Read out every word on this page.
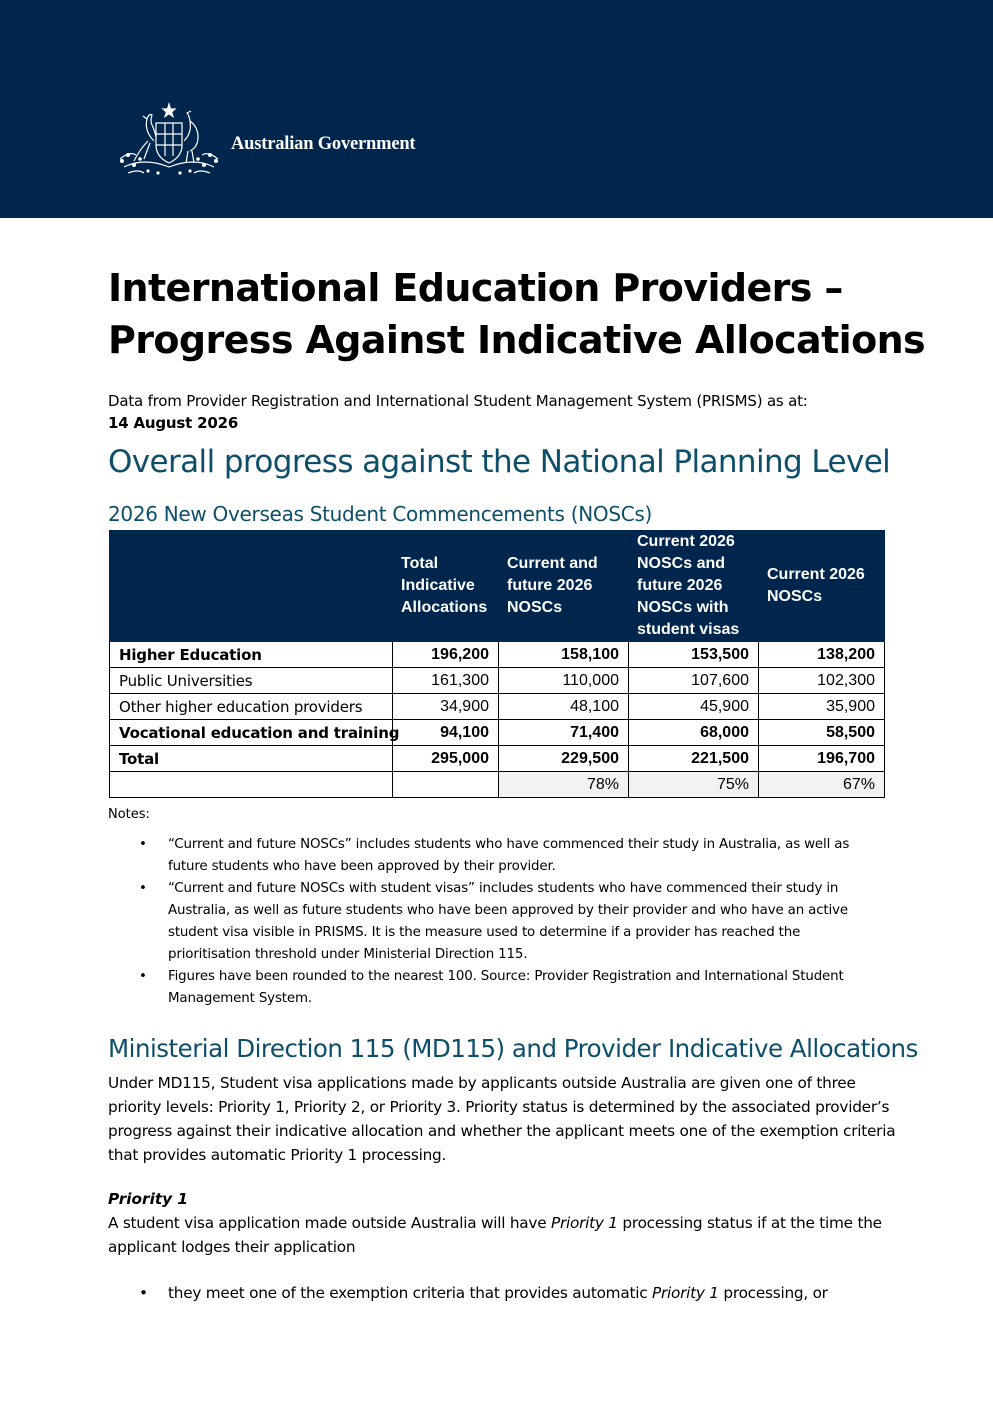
Australian Government
International Education Providers – Progress Against Indicative Allocations
Data from Provider Registration and International Student Management System (PRISMS) as at:
14 August 2026
Overall progress against the National Planning Level
2026 New Overseas Student Commencements (NOSCs)
	Total Indicative Allocations	Current and future 2026 NOSCs	Current 2026 NOSCs and future 2026 NOSCs with student visas	Current 2026 NOSCs
Higher Education	196,200	158,100	153,500	138,200
Public Universities	161,300	110,000	107,600	102,300
Other higher education providers	34,900	48,100	45,900	35,900
Vocational education and training	94,100	71,400	68,000	58,500
Total	295,000	229,500	221,500	196,700
		78%	75%	67%
Notes:
• “Current and future NOSCs” includes students who have commenced their study in Australia, as well as future students who have been approved by their provider.
• “Current and future NOSCs with student visas” includes students who have commenced their study in Australia, as well as future students who have been approved by their provider and who have an active student visa visible in PRISMS. It is the measure used to determine if a provider has reached the prioritisation threshold under Ministerial Direction 115.
• Figures have been rounded to the nearest 100. Source: Provider Registration and International Student Management System.
Ministerial Direction 115 (MD115) and Provider Indicative Allocations

Under MD115, Student visa applications made by applicants outside Australia are given one of three priority levels: Priority 1, Priority 2, or Priority 3. Priority status is determined by the associated provider’s progress against their indicative allocation and whether the applicant meets one of the exemption criteria that provides automatic Priority 1 processing.

Priority 1

A student visa application made outside Australia will have Priority 1 processing status if at the time the applicant lodges their application

• they meet one of the exemption criteria that provides automatic Priority 1 processing, or
